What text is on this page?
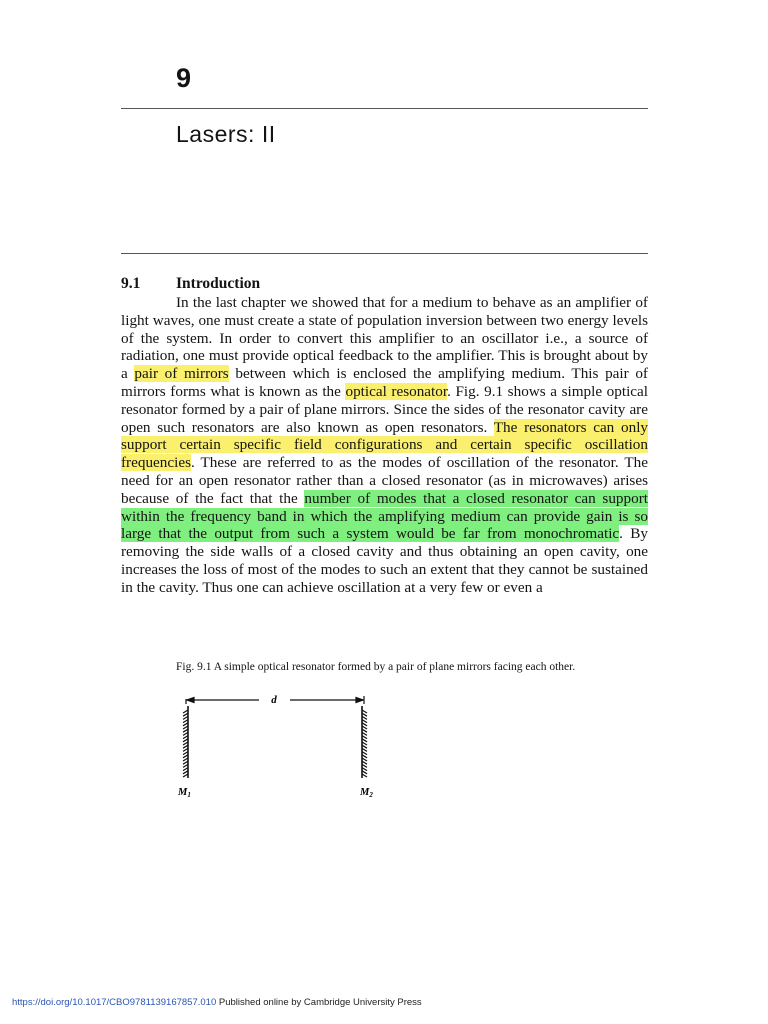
9
Lasers: II
9.1 Introduction

In the last chapter we showed that for a medium to behave as an amplifier of light waves, one must create a state of population inversion between two energy levels of the system. In order to convert this amplifier to an oscillator i.e., a source of radiation, one must provide optical feedback to the amplifier. This is brought about by a pair of mirrors between which is enclosed the amplifying medium. This pair of mirrors forms what is known as the optical resonator. Fig. 9.1 shows a simple optical resonator formed by a pair of plane mirrors. Since the sides of the resonator cavity are open such resonators are also known as open resonators. The resonators can only support certain specific field configurations and certain specific oscillation frequencies. These are referred to as the modes of oscillation of the resonator. The need for an open resonator rather than a closed resonator (as in microwaves) arises because of the fact that the number of modes that a closed resonator can support within the frequency band in which the amplifying medium can provide gain is so large that the output from such a system would be far from monochromatic. By removing the side walls of a closed cavity and thus obtaining an open cavity, one increases the loss of most of the modes to such an extent that they cannot be sustained in the cavity. Thus one can achieve oscillation at a very few or even a

Fig. 9.1 A simple optical resonator formed by a pair of plane mirrors facing each other.
d
M1	M2
https://doi.org/10.1017/CBO9781139167857.010 Published online by Cambridge University Press
